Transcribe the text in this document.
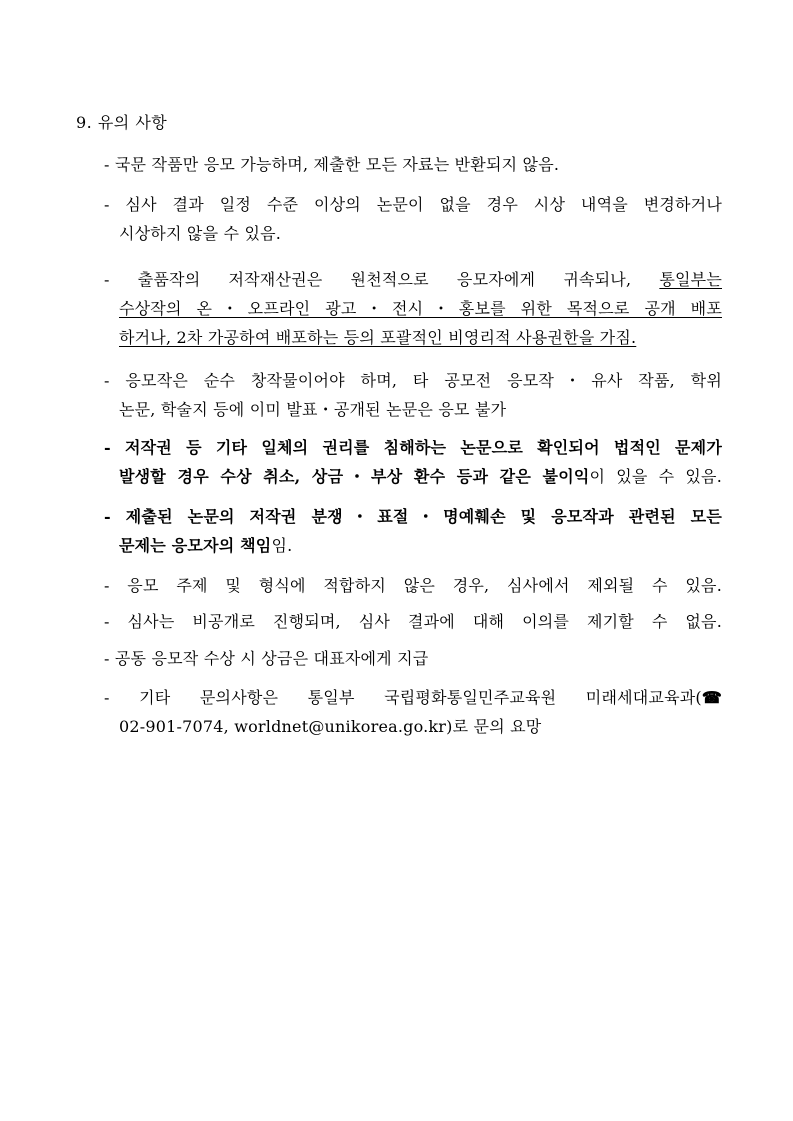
9. 유의 사항
- 국문 작품만 응모 가능하며, 제출한 모든 자료는 반환되지 않음.
- 심사 결과 일정 수준 이상의 논문이 없을 경우 시상 내역을 변경하거나
시상하지 않을 수 있음.
- 출품작의 저작재산권은 원천적으로 응모자에게 귀속되나, 통일부는
수상작의 온・오프라인 광고・전시・홍보를 위한 목적으로 공개 배포
하거나, 2차 가공하여 배포하는 등의 포괄적인 비영리적 사용권한을 가짐.
- 응모작은 순수 창작물이어야 하며, 타 공모전 응모작・유사 작품, 학위
논문, 학술지 등에 이미 발표・공개된 논문은 응모 불가
- 저작권 등 기타 일체의 권리를 침해하는 논문으로 확인되어 법적인 문제가
발생할 경우 수상 취소, 상금・부상 환수 등과 같은 불이익이 있을 수 있음.
- 제출된 논문의 저작권 분쟁・표절・명예훼손 및 응모작과 관련된 모든
문제는 응모자의 책임임.
- 응모 주제 및 형식에 적합하지 않은 경우, 심사에서 제외될 수 있음.
- 심사는 비공개로 진행되며, 심사 결과에 대해 이의를 제기할 수 없음.
- 공동 응모작 수상 시 상금은 대표자에게 지급
- 기타 문의사항은 통일부 국립평화통일민주교육원 미래세대교육과(☎
02-901-7074, worldnet@unikorea.go.kr)로 문의 요망
